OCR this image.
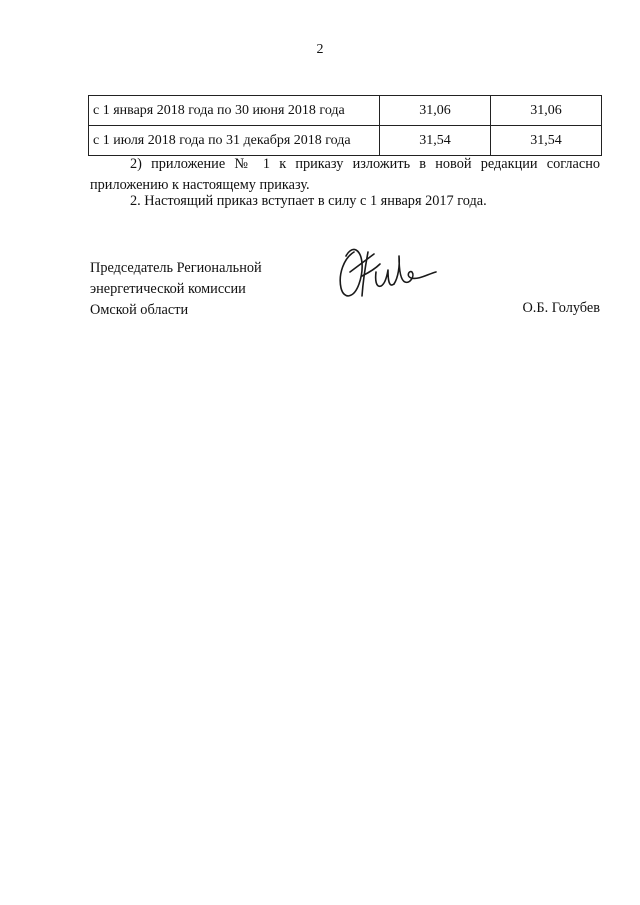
2
с 1 января 2018 года по 30 июня 2018 года	31,06	31,06
с 1 июля 2018 года по 31 декабря 2018 года	31,54	31,54
2) приложение № 1 к приказу изложить в новой редакции согласно приложению к настоящему приказу.
2. Настоящий приказ вступает в силу с 1 января 2017 года.
Председатель Региональной
энергетической комиссии
Омской области	О.Б. Голубев
